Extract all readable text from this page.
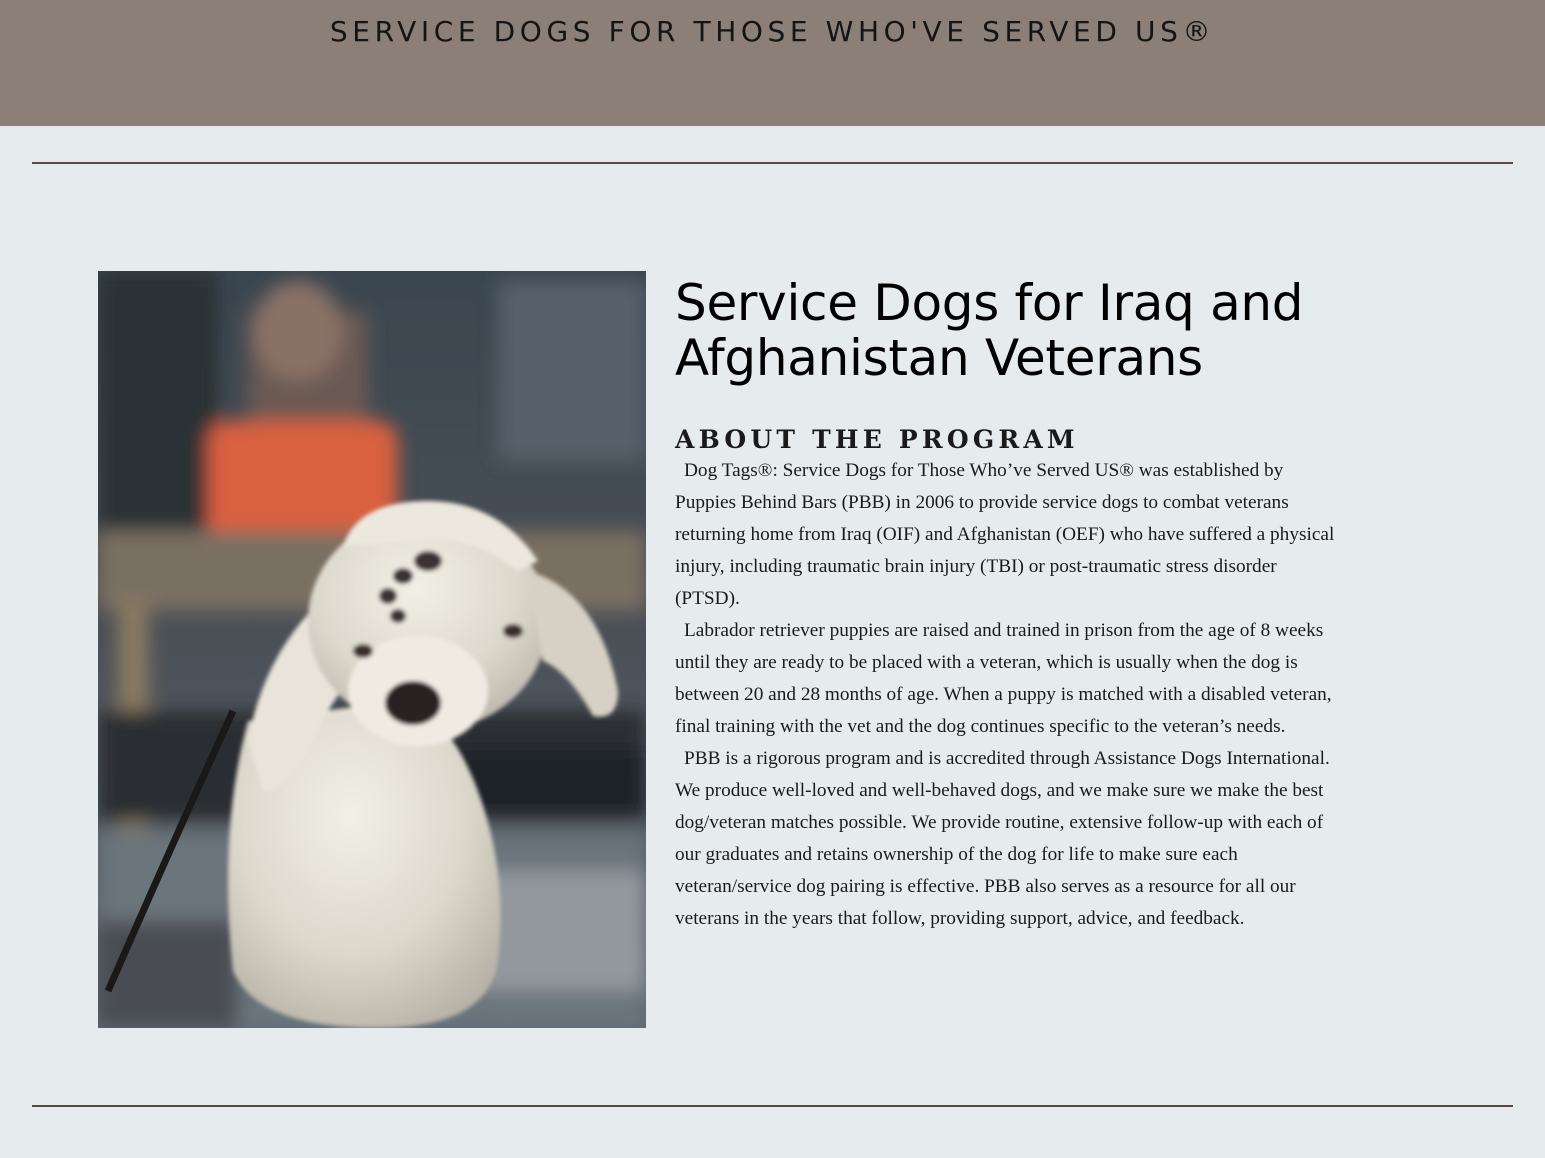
SERVICE DOGS FOR THOSE WHO'VE SERVED US®
Service Dogs for Iraq and Afghanistan Veterans
ABOUT THE PROGRAM

Dog Tags®: Service Dogs for Those Who’ve Served US® was established by Puppies Behind Bars (PBB) in 2006 to provide service dogs to combat veterans returning home from Iraq (OIF) and Afghanistan (OEF) who have suffered a physical injury, including traumatic brain injury (TBI) or post-traumatic stress disorder (PTSD).

Labrador retriever puppies are raised and trained in prison from the age of 8 weeks until they are ready to be placed with a veteran, which is usually when the dog is between 20 and 28 months of age. When a puppy is matched with a disabled veteran, final training with the vet and the dog continues specific to the veteran’s needs.

PBB is a rigorous program and is accredited through Assistance Dogs International. We produce well-loved and well-behaved dogs, and we make sure we make the best dog/veteran matches possible. We provide routine, extensive follow-up with each of our graduates and retains ownership of the dog for life to make sure each veteran/service dog pairing is effective. PBB also serves as a resource for all our veterans in the years that follow, providing support, advice, and feedback.
